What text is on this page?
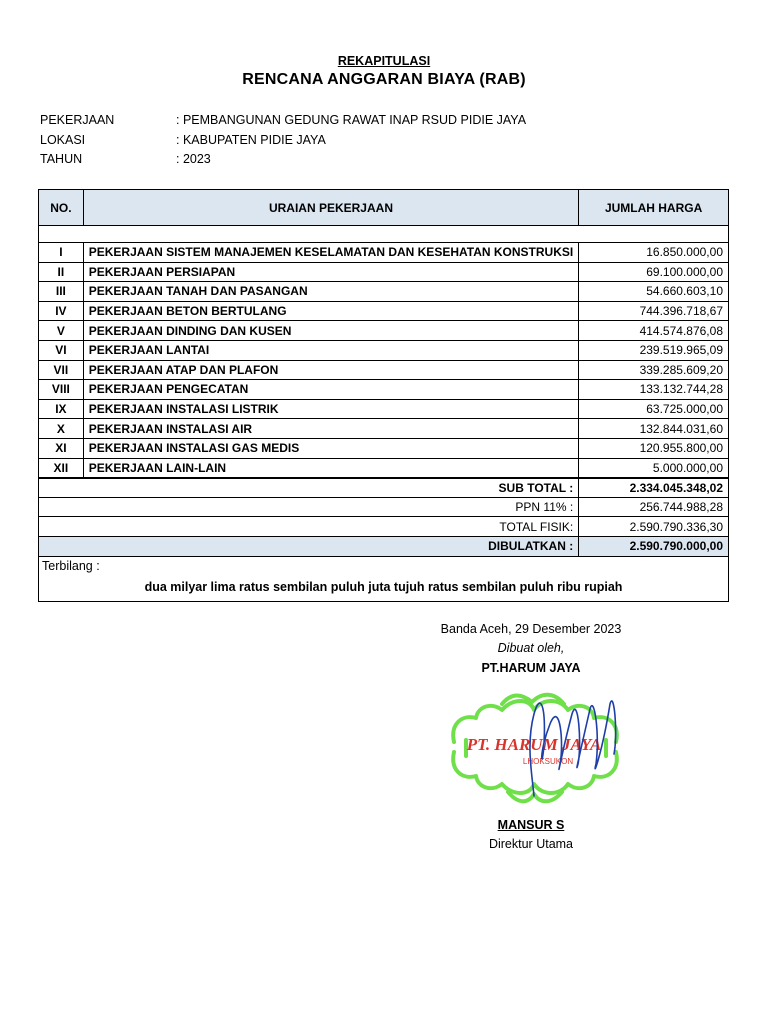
REKAPITULASI
RENCANA ANGGARAN BIAYA (RAB)
PEKERJAAN	: PEMBANGUNAN GEDUNG RAWAT INAP RSUD PIDIE JAYA
LOKASI	: KABUPATEN PIDIE JAYA
TAHUN	: 2023
NO.	URAIAN PEKERJAAN	JUMLAH HARGA

I	PEKERJAAN SISTEM MANAJEMEN KESELAMATAN DAN KESEHATAN KONSTRUKSI	16.850.000,00
II	PEKERJAAN PERSIAPAN	69.100.000,00
III	PEKERJAAN TANAH DAN PASANGAN	54.660.603,10
IV	PEKERJAAN BETON BERTULANG	744.396.718,67
V	PEKERJAAN DINDING DAN KUSEN	414.574.876,08
VI	PEKERJAAN LANTAI	239.519.965,09
VII	PEKERJAAN ATAP DAN PLAFON	339.285.609,20
VIII	PEKERJAAN PENGECATAN	133.132.744,28
IX	PEKERJAAN INSTALASI LISTRIK	63.725.000,00
X	PEKERJAAN INSTALASI AIR	132.844.031,60
XI	PEKERJAAN INSTALASI GAS MEDIS	120.955.800,00
XII	PEKERJAAN LAIN-LAIN	5.000.000,00
SUB TOTAL :		2.334.045.348,02
PPN 11% :		256.744.988,28
TOTAL FISIK:		2.590.790.336,30
DIBULATKAN :		2.590.790.000,00
Terbilang :
dua milyar lima ratus sembilan puluh juta tujuh ratus sembilan puluh ribu rupiah
Banda Aceh, 29 Desember 2023
Dibuat oleh,
PT.HARUM JAYA
PT. HARUM JAYA
LHOKSUKON
MANSUR S
Direktur Utama
